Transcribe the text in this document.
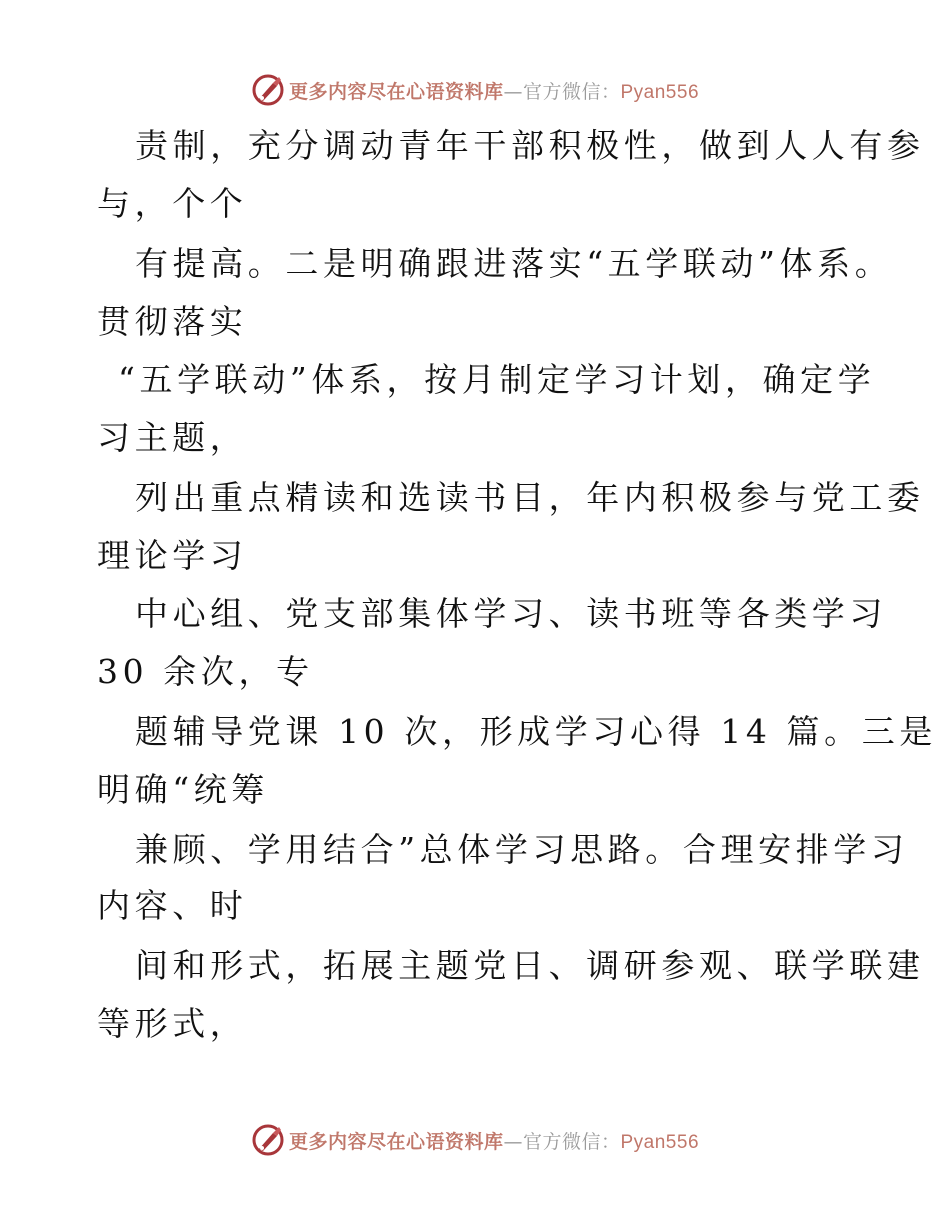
更多内容尽在心语资料库—官方微信：Pyan556
责制，充分调动青年干部积极性，做到人人有参
与，个个
有提高。二是明确跟进落实“五学联动”体系。
贯彻落实
“五学联动”体系，按月制定学习计划，确定学
习主题，
列出重点精读和选读书目，年内积极参与党工委
理论学习
中心组、党支部集体学习、读书班等各类学习
30 余次，专
题辅导党课 10 次，形成学习心得 14 篇。三是
明确“统筹
兼顾、学用结合”总体学习思路。合理安排学习
内容、时
间和形式，拓展主题党日、调研参观、联学联建
等形式，
更多内容尽在心语资料库—官方微信：Pyan556
